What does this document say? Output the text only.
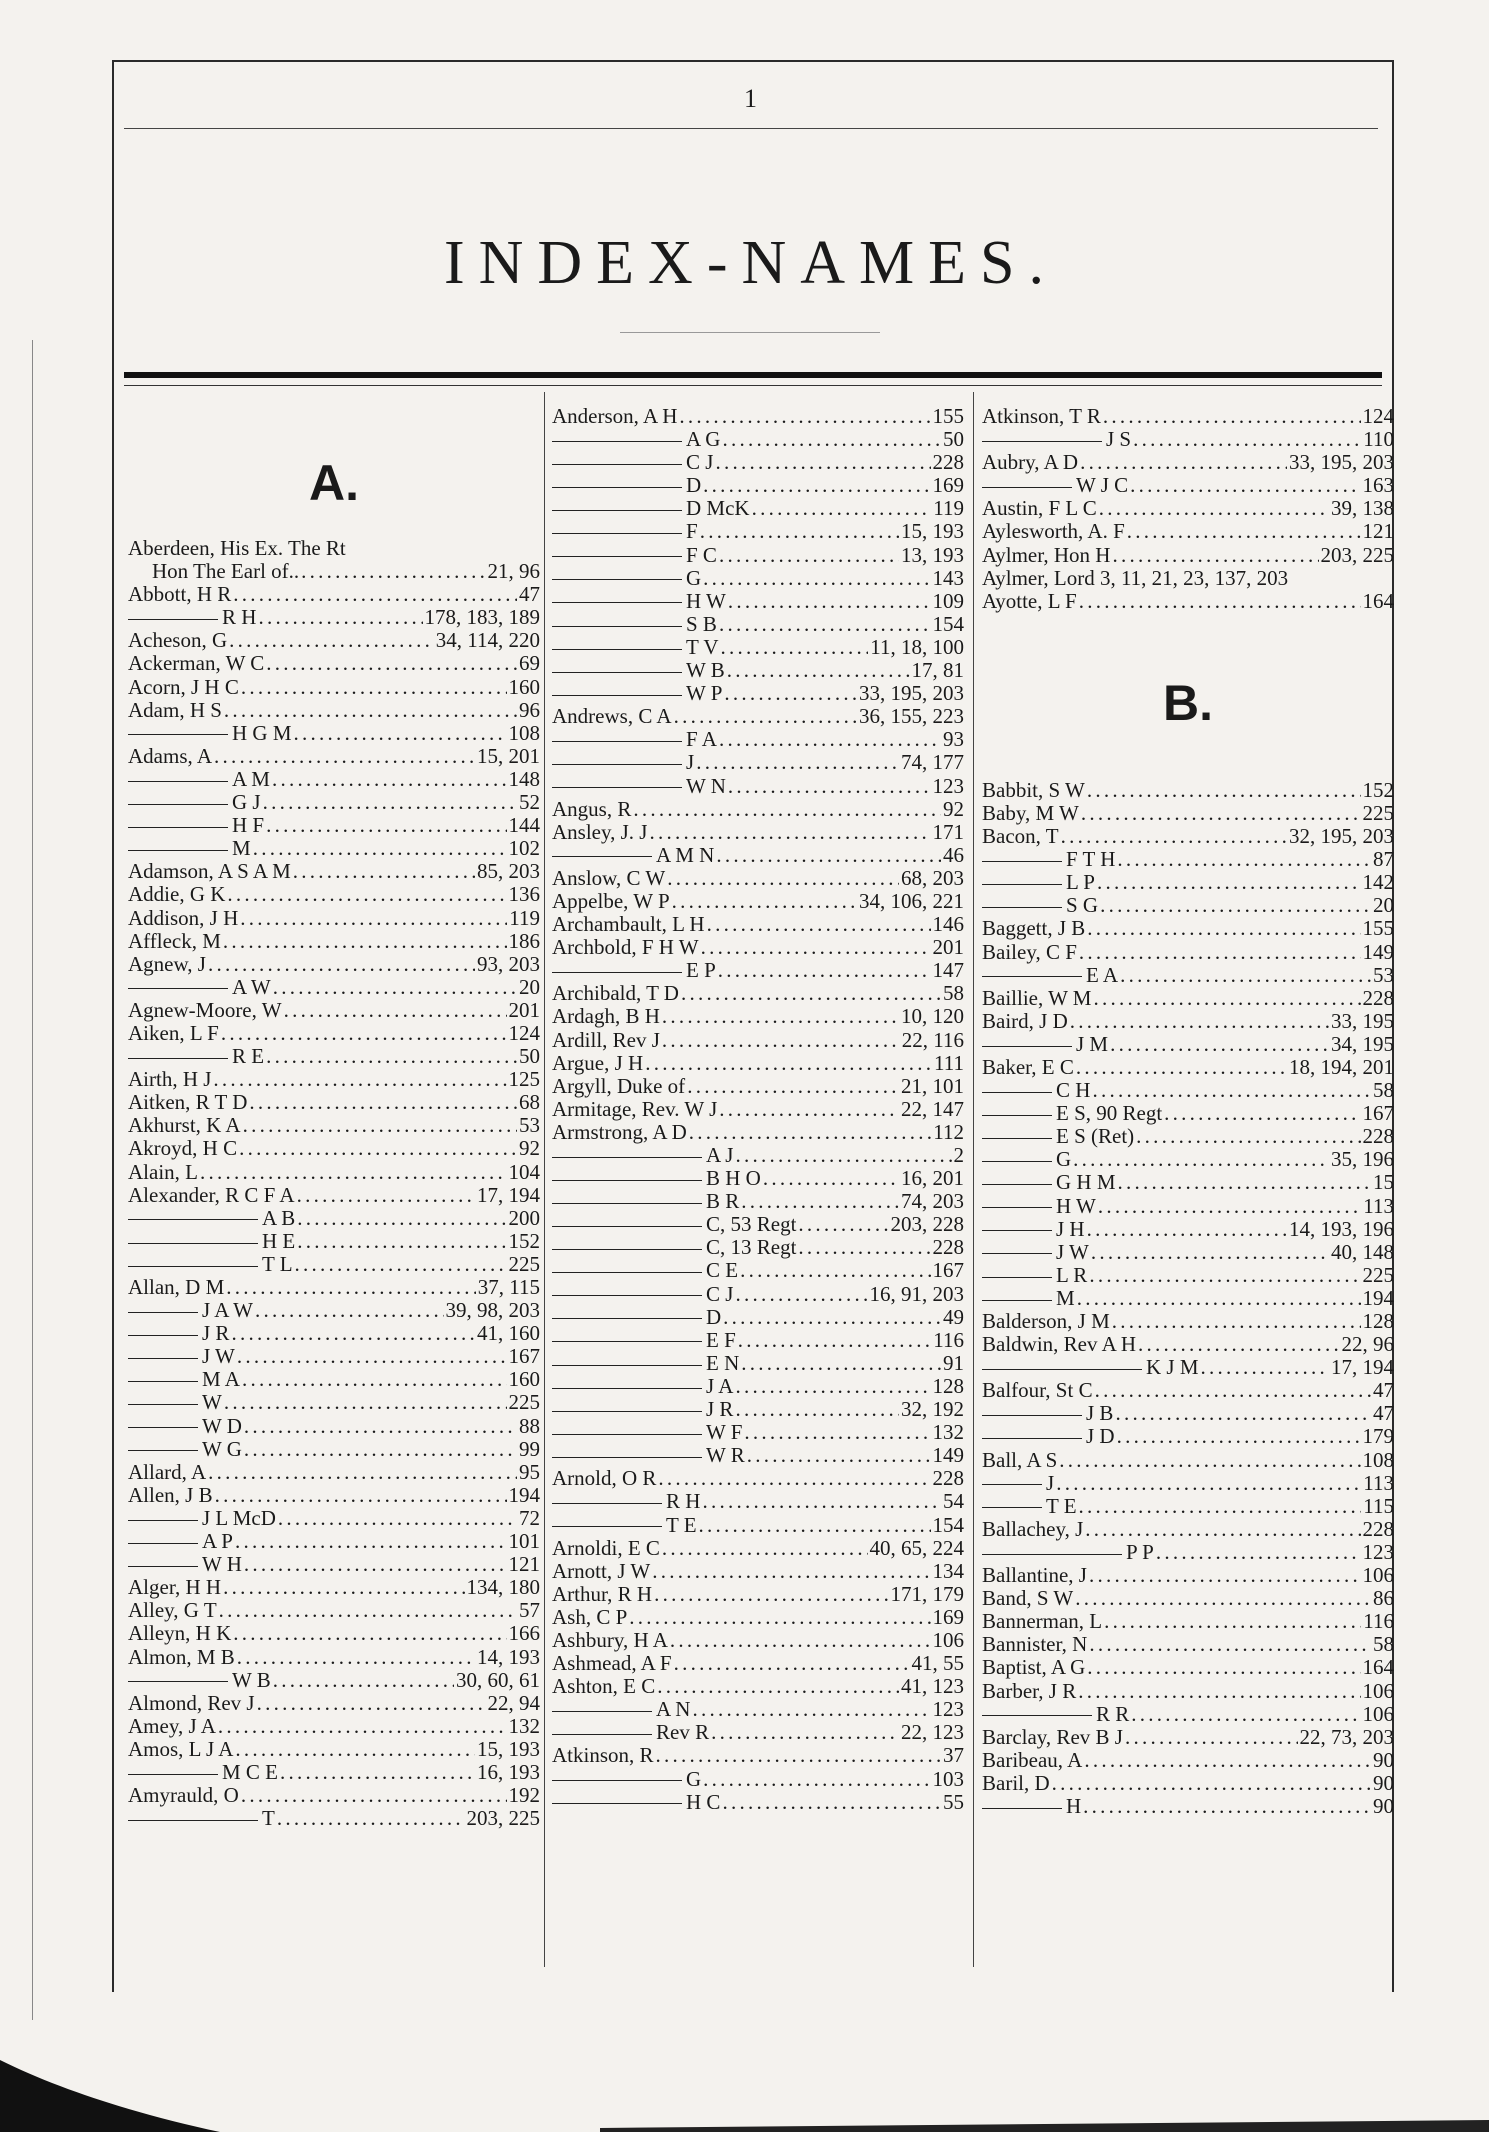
1
INDEX-NAMES.
A.
Aberdeen, His Ex. The Rt
Hon The Earl of.. . . .	21, 96
Abbott, H R . . .	47
R H . . .	178, 183, 189
Acheson, G . . .	34, 114, 220
Ackerman, W C . . .	69
Acorn, J H C . . .	160
Adam, H S . . .	96
H G M . . .	108
Adams, A . . .	15, 201
A M . . .	148
G J . . .	52
H F . . .	144
M . . .	102
Adamson, A S A M . . .	85, 203
Addie, G K . . .	136
Addison, J H . . .	119
Affleck, M . . .	186
Agnew, J . . .	93, 203
A W . . .	20
Agnew-Moore, W . . .	201
Aiken, L F . . .	124
R E . . .	50
Airth, H J . . .	125
Aitken, R T D . . .	68
Akhurst, K A . . .	53
Akroyd, H C . . .	92
Alain, L . . .	104
Alexander, R C F A . . .	17, 194
A B . . .	200
H E . . .	152
T L . . .	225
Allan, D M . . .	37, 115
J A W . . .	39, 98, 203
J R . . .	41, 160
J W . . .	167
M A . . .	160
W . . .	225
W D . . .	88
W G . . .	99
Allard, A . . .	95
Allen, J B . . .	194
J L McD . . .	72
A P . . .	101
W H . . .	121
Alger, H H . . .	134, 180
Alley, G T . . .	57
Alleyn, H K . . .	166
Almon, M B . . .	14, 193
W B . . .	30, 60, 61
Almond, Rev J . . .	22, 94
Amey, J A . . .	132
Amos, L J A . . .	15, 193
M C E . . .	16, 193
Amyrauld, O . . .	192
T . . .	203, 225
Anderson, A H . . .	155
A G . . .	50
C J . . .	228
D . . .	169
D McK . . .	119
F . . .	15, 193
F C . . .	13, 193
G . . .	143
H W . . .	109
S B . . .	154
T V . . .	11, 18, 100
W B . . .	17, 81
W P . . .	33, 195, 203
Andrews, C A . . .	36, 155, 223
F A . . .	93
J . . .	74, 177
W N . . .	123
Angus, R . . .	92
Ansley, J. J . . .	171
A M N . . .	46
Anslow, C W . . .	68, 203
Appelbe, W P . . .	34, 106, 221
Archambault, L H . . .	146
Archbold, F H W . . .	201
E P . . .	147
Archibald, T D . . .	58
Ardagh, B H . . .	10, 120
Ardill, Rev J . . .	22, 116
Argue, J H . . .	111
Argyll, Duke of . . .	21, 101
Armitage, Rev. W J . . .	22, 147
Armstrong, A D . . .	112
A J . . .	2
B H O . . .	16, 201
B R . . .	74, 203
C, 53 Regt . . .	203, 228
C, 13 Regt . . .	228
C E . . .	167
C J . . .	16, 91, 203
D . . .	49
E F . . .	116
E N . . .	91
J A . . .	128
J R . . .	32, 192
W F . . .	132
W R . . .	149
Arnold, O R . . .	228
R H . . .	54
T E . . .	154
Arnoldi, E C . . .	40, 65, 224
Arnott, J W . . .	134
Arthur, R H . . .	171, 179
Ash, C P . . .	169
Ashbury, H A . . .	106
Ashmead, A F . . .	41, 55
Ashton, E C . . .	41, 123
A N . . .	123
Rev R . . .	22, 123
Atkinson, R . . .	37
G . . .	103
H C . . .	55
Atkinson, T R . . .	124
J S . . .	110
Aubry, A D . . .	33, 195, 203
W J C . . .	163
Austin, F L C . . .	39, 138
Aylesworth, A. F . . .	121
Aylmer, Hon H . . .	203, 225
Aylmer, Lord 3, 11, 21, 23, 137, 203
Ayotte, L F . . .	164
B.
Babbit, S W . . .	152
Baby, M W . . .	225
Bacon, T . . .	32, 195, 203
F T H . . .	87
L P . . .	142
S G . . .	20
Baggett, J B . . .	155
Bailey, C F . . .	149
E A . . .	53
Baillie, W M . . .	228
Baird, J D . . .	33, 195
J M . . .	34, 195
Baker, E C . . .	18, 194, 201
C H . . .	58
E S, 90 Regt . . .	167
E S (Ret) . . .	228
G . . .	35, 196
G H M . . .	15
H W . . .	113
J H . . .	14, 193, 196
J W . . .	40, 148
L R . . .	225
M . . .	194
Balderson, J M . . .	128
Baldwin, Rev A H . . .	22, 96
K J M . . .	17, 194
Balfour, St C . . .	47
J B . . .	47
J D . . .	179
Ball, A S . . .	108
J . . .	113
T E . . .	115
Ballachey, J . . .	228
P P . . .	123
Ballantine, J . . .	106
Band, S W . . .	86
Bannerman, L . . .	116
Bannister, N . . .	58
Baptist, A G . . .	164
Barber, J R . . .	106
R R . . .	106
Barclay, Rev B J . . .	22, 73, 203
Baribeau, A . . .	90
Baril, D . . .	90
H . . .	90
